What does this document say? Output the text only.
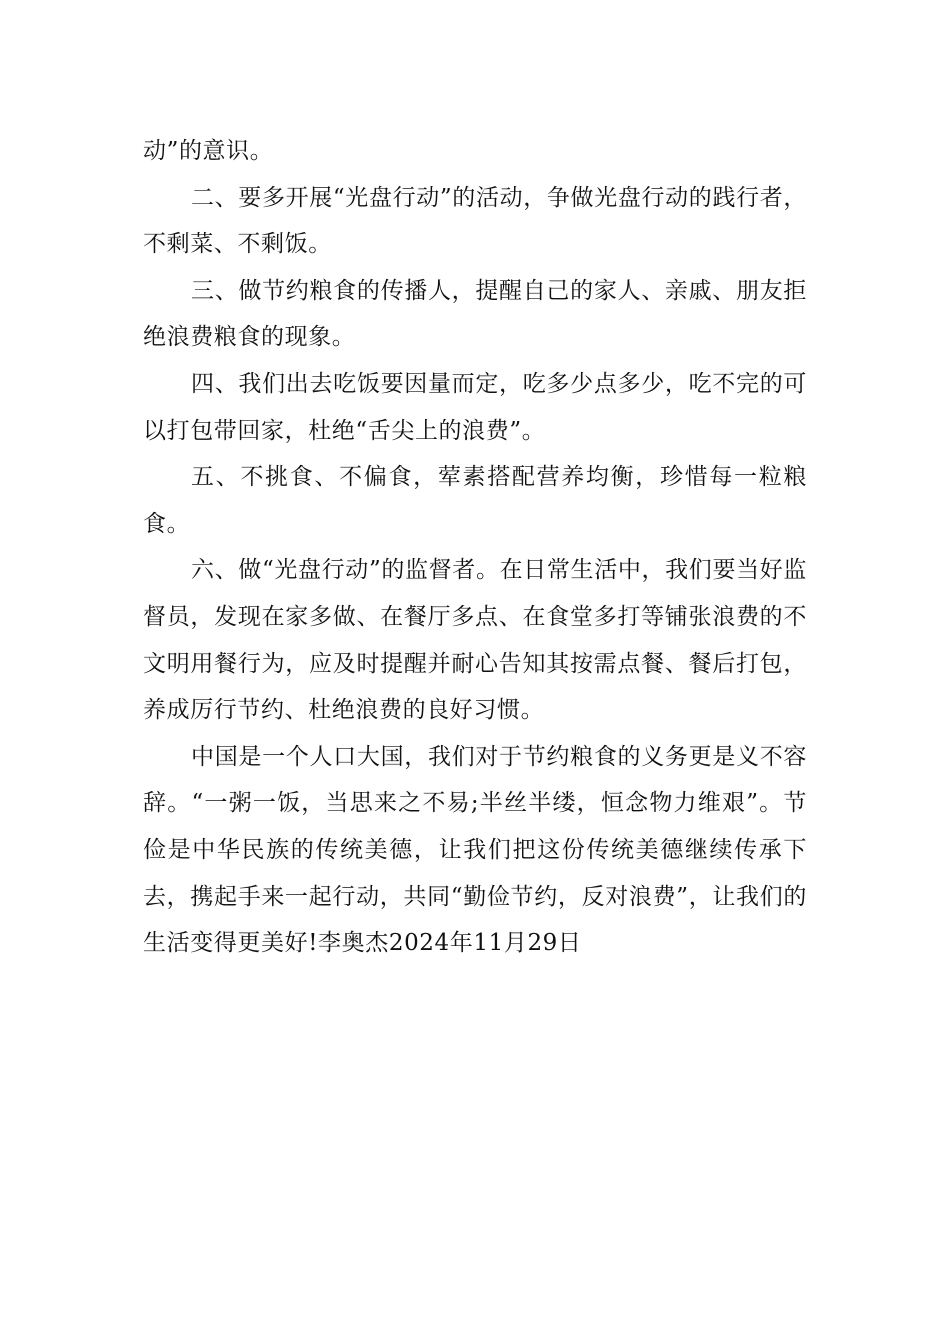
动”的意识。

二、要多开展“光盘行动”的活动，争做光盘行动的践行者，不剩菜、不剩饭。

三、做节约粮食的传播人，提醒自己的家人、亲戚、朋友拒绝浪费粮食的现象。

四、我们出去吃饭要因量而定，吃多少点多少，吃不完的可以打包带回家，杜绝“舌尖上的浪费”。

五、不挑食、不偏食，荤素搭配营养均衡，珍惜每一粒粮食。

六、做“光盘行动”的监督者。在日常生活中，我们要当好监督员，发现在家多做、在餐厅多点、在食堂多打等铺张浪费的不文明用餐行为，应及时提醒并耐心告知其按需点餐、餐后打包，养成厉行节约、杜绝浪费的良好习惯。

中国是一个人口大国，我们对于节约粮食的义务更是义不容辞。“一粥一饭，当思来之不易;半丝半缕，恒念物力维艰”。节俭是中华民族的传统美德，让我们把这份传统美德继续传承下去，携起手来一起行动，共同“勤俭节约，反对浪费”，让我们的生活变得更美好!李奥杰2024年11月29日
